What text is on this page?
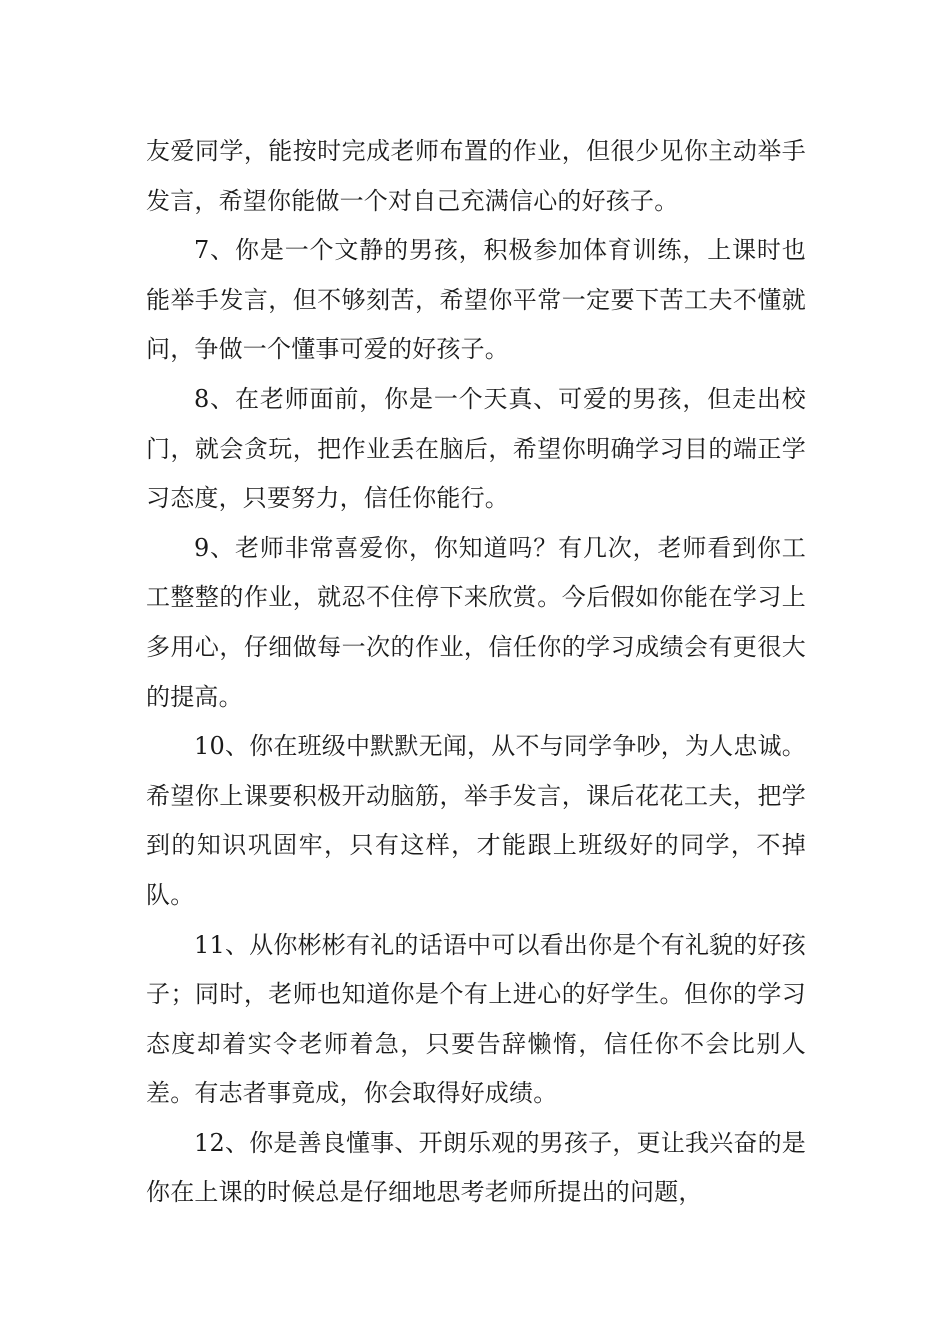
友爱同学，能按时完成老师布置的作业，但很少见你主动举手发言，希望你能做一个对自己充满信心的好孩子。

7、你是一个文静的男孩，积极参加体育训练，上课时也能举手发言，但不够刻苦，希望你平常一定要下苦工夫不懂就问，争做一个懂事可爱的好孩子。

8、在老师面前，你是一个天真、可爱的男孩，但走出校门，就会贪玩，把作业丢在脑后，希望你明确学习目的端正学习态度，只要努力，信任你能行。

9、老师非常喜爱你，你知道吗？有几次，老师看到你工工整整的作业，就忍不住停下来欣赏。今后假如你能在学习上多用心，仔细做每一次的作业，信任你的学习成绩会有更很大的提高。

10、你在班级中默默无闻，从不与同学争吵，为人忠诚。希望你上课要积极开动脑筋，举手发言，课后花花工夫，把学到的知识巩固牢，只有这样，才能跟上班级好的同学，不掉队。

11、从你彬彬有礼的话语中可以看出你是个有礼貌的好孩子；同时，老师也知道你是个有上进心的好学生。但你的学习态度却着实令老师着急，只要告辞懒惰，信任你不会比别人差。有志者事竟成，你会取得好成绩。

12、你是善良懂事、开朗乐观的男孩子，更让我兴奋的是你在上课的时候总是仔细地思考老师所提出的问题，
